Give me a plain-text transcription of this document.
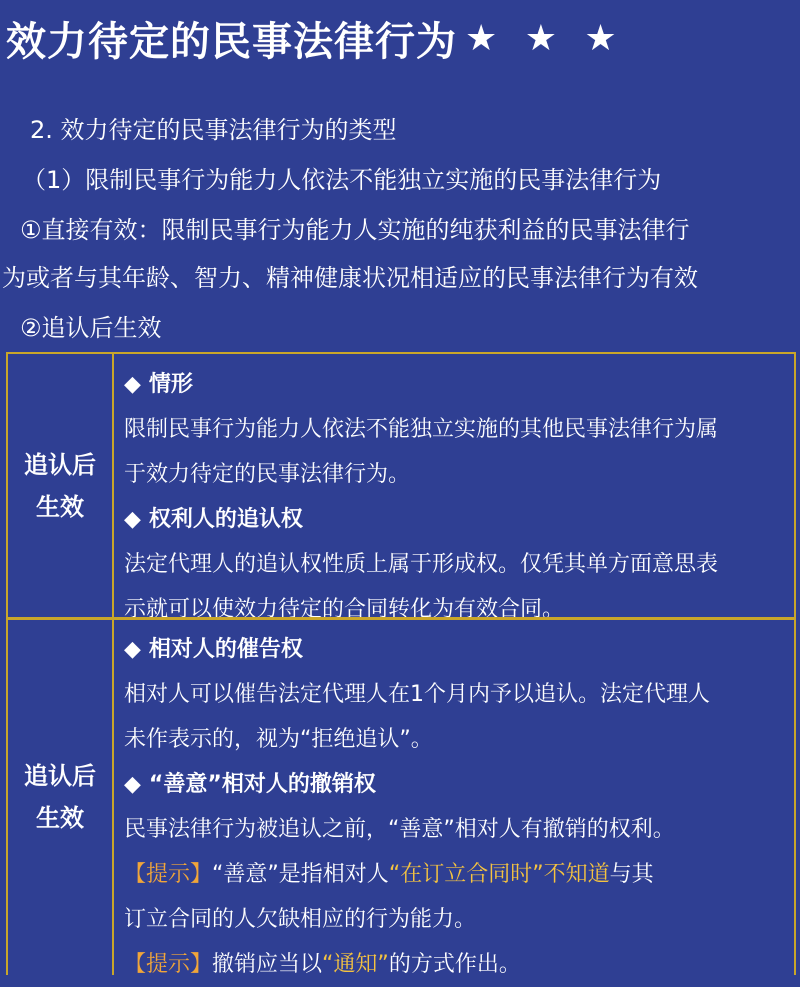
效力待定的民事法律行为 ★ ★ ★
2. 效力待定的民事法律行为的类型
（1）限制民事行为能力人依法不能独立实施的民事法律行为
①直接有效：限制民事行为能力人实施的纯获利益的民事法律行
为或者与其年龄、智力、精神健康状况相适应的民事法律行为有效
②追认后生效
追认后
生效
◆ 情形
限制民事行为能力人依法不能独立实施的其他民事法律行为属
于效力待定的民事法律行为。
◆ 权利人的追认权
法定代理人的追认权性质上属于形成权。仅凭其单方面意思表
示就可以使效力待定的合同转化为有效合同。
追认后
生效
◆ 相对人的催告权
相对人可以催告法定代理人在1个月内予以追认。法定代理人
未作表示的，视为“拒绝追认”。
◆ “善意”相对人的撤销权
民事法律行为被追认之前，“善意”相对人有撤销的权利。
【提示】“善意”是指相对人“在订立合同时”不知道与其
订立合同的人欠缺相应的行为能力。
【提示】撤销应当以“通知”的方式作出。
